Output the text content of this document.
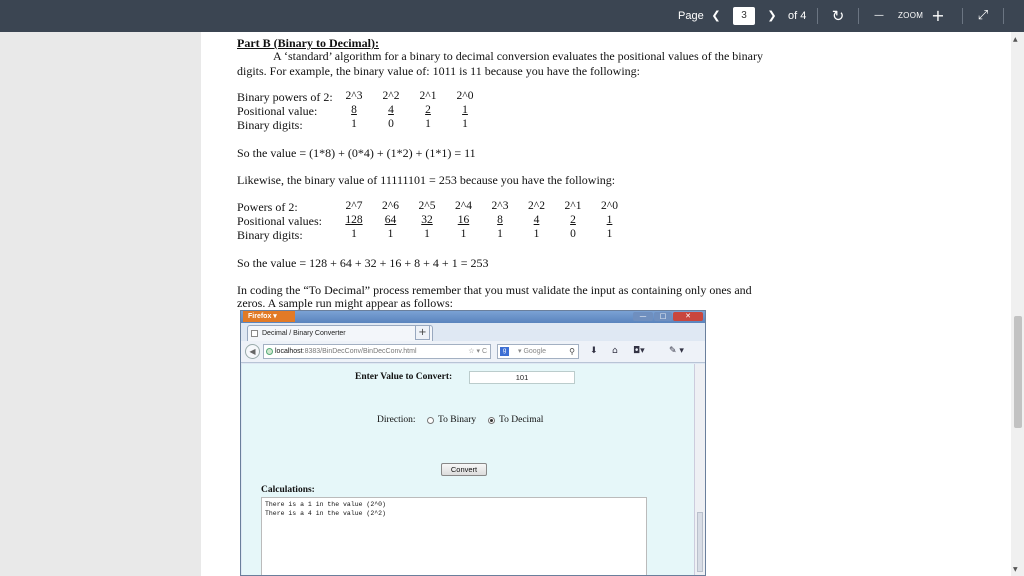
Page ❮	3	❯ of 4 ↻	— ZOOM +	⤢
Part B (Binary to Decimal):
A ‘standard’ algorithm for a binary to decimal conversion evaluates the positional values of the binary
digits. For example, the binary value of: 1011 is 11 because you have the following:
Binary powers of 2:	2^3	2^2	2^1	2^0
Positional value:	8	4	2	1
Binary digits:	1	0	1	1
So the value = (1*8) + (0*4) + (1*2) + (1*1) = 11
Likewise, the binary value of 11111101 = 253 because you have the following:
Powers of 2:	2^7	2^6	2^5	2^4	2^3	2^2	2^1	2^0
Positional values:	128	64	32	16	8	4	2	1
Binary digits:	1	1	1	1	1	1	0	1
So the value = 128 + 64 + 32 + 16 + 8 + 4 + 1 = 253
In coding the “To Decimal” process remember that you must validate the input as containing only ones and
zeros. A sample run might appear as follows:
Firefox ▾	—	□	✕
Decimal / Binary Converter	+
◀	localhost:8383/BinDecConv/BinDecConv.html	☆ ▾ C	g	▾ Google	⚲ ⬇ ⌂ ◘▾	✎ ▾
Enter Value to Convert:	101
Direction: To Binary To Decimal
Convert
Calculations:
There is a 1 in the value (2^0)
There is a 4 in the value (2^2)
▲
▼
